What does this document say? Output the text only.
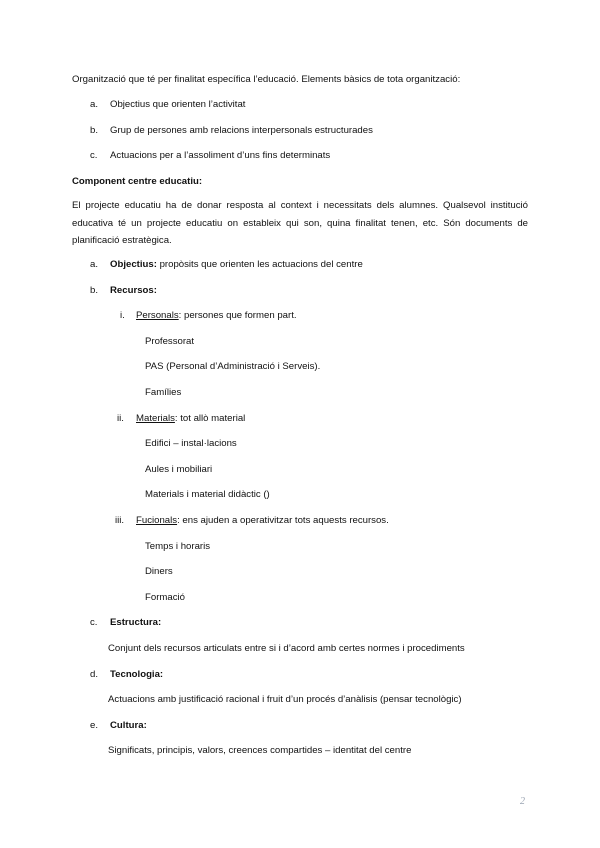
Organització que té per finalitat específica l’educació. Elements bàsics de tota organització:
a.	Objectius que orienten l’activitat
b.	Grup de persones amb relacions interpersonals estructurades
c.	Actuacions per a l’assoliment d’uns fins determinats
Component centre educatiu:
El projecte educatiu ha de donar resposta al context i necessitats dels alumnes. Qualsevol institució educativa té un projecte educatiu on estableix qui son, quina finalitat tenen, etc. Són documents de planificació estratègica.
a.	Objectius: propòsits que orienten les actuacions del centre
b.	Recursos:
i.	Personals: persones que formen part.
Professorat
PAS (Personal d’Administració i Serveis).
Famílies
ii.	Materials: tot allò material
Edifici – instal·lacions
Aules i mobiliari
Materials i material didàctic ()
iii.	Fucionals: ens ajuden a operativitzar tots aquests recursos.
Temps i horaris
Diners
Formació
c.	Estructura:
Conjunt dels recursos articulats entre si i d’acord amb certes normes i procediments
d.	Tecnologia:
Actuacions amb justificació racional i fruit d’un procés d’anàlisis (pensar tecnològic)
e.	Cultura:
Significats, principis, valors, creences compartides – identitat del centre
2
